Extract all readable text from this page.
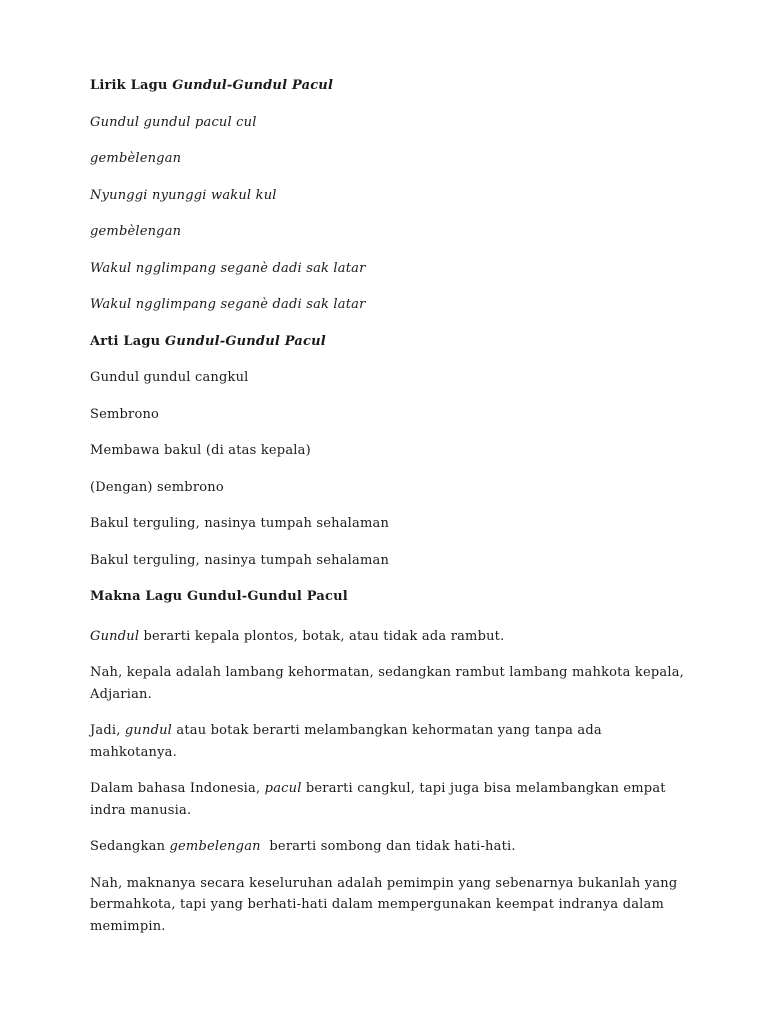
Lirik Lagu Gundul-Gundul Pacul

Gundul gundul pacul cul

gembèlengan

Nyunggi nyunggi wakul kul

gembèlengan

Wakul ngglimpang seganè dadi sak latar

Wakul ngglimpang seganè dadi sak latar

Arti Lagu Gundul-Gundul Pacul

Gundul gundul cangkul

Sembrono

Membawa bakul (di atas kepala)

(Dengan) sembrono

Bakul terguling, nasinya tumpah sehalaman

Bakul terguling, nasinya tumpah sehalaman

Makna Lagu Gundul-Gundul Pacul

Gundul berarti kepala plontos, botak, atau tidak ada rambut.

Nah, kepala adalah lambang kehormatan, sedangkan rambut lambang mahkota kepala, Adjarian.

Jadi, gundul atau botak berarti melambangkan kehormatan yang tanpa ada mahkotanya.

Dalam bahasa Indonesia, pacul berarti cangkul, tapi juga bisa melambangkan empat indra manusia.

Sedangkan gembelengan  berarti sombong dan tidak hati-hati.

Nah, maknanya secara keseluruhan adalah pemimpin yang sebenarnya bukanlah yang bermahkota, tapi yang berhati-hati dalam mempergunakan keempat indranya dalam memimpin.
